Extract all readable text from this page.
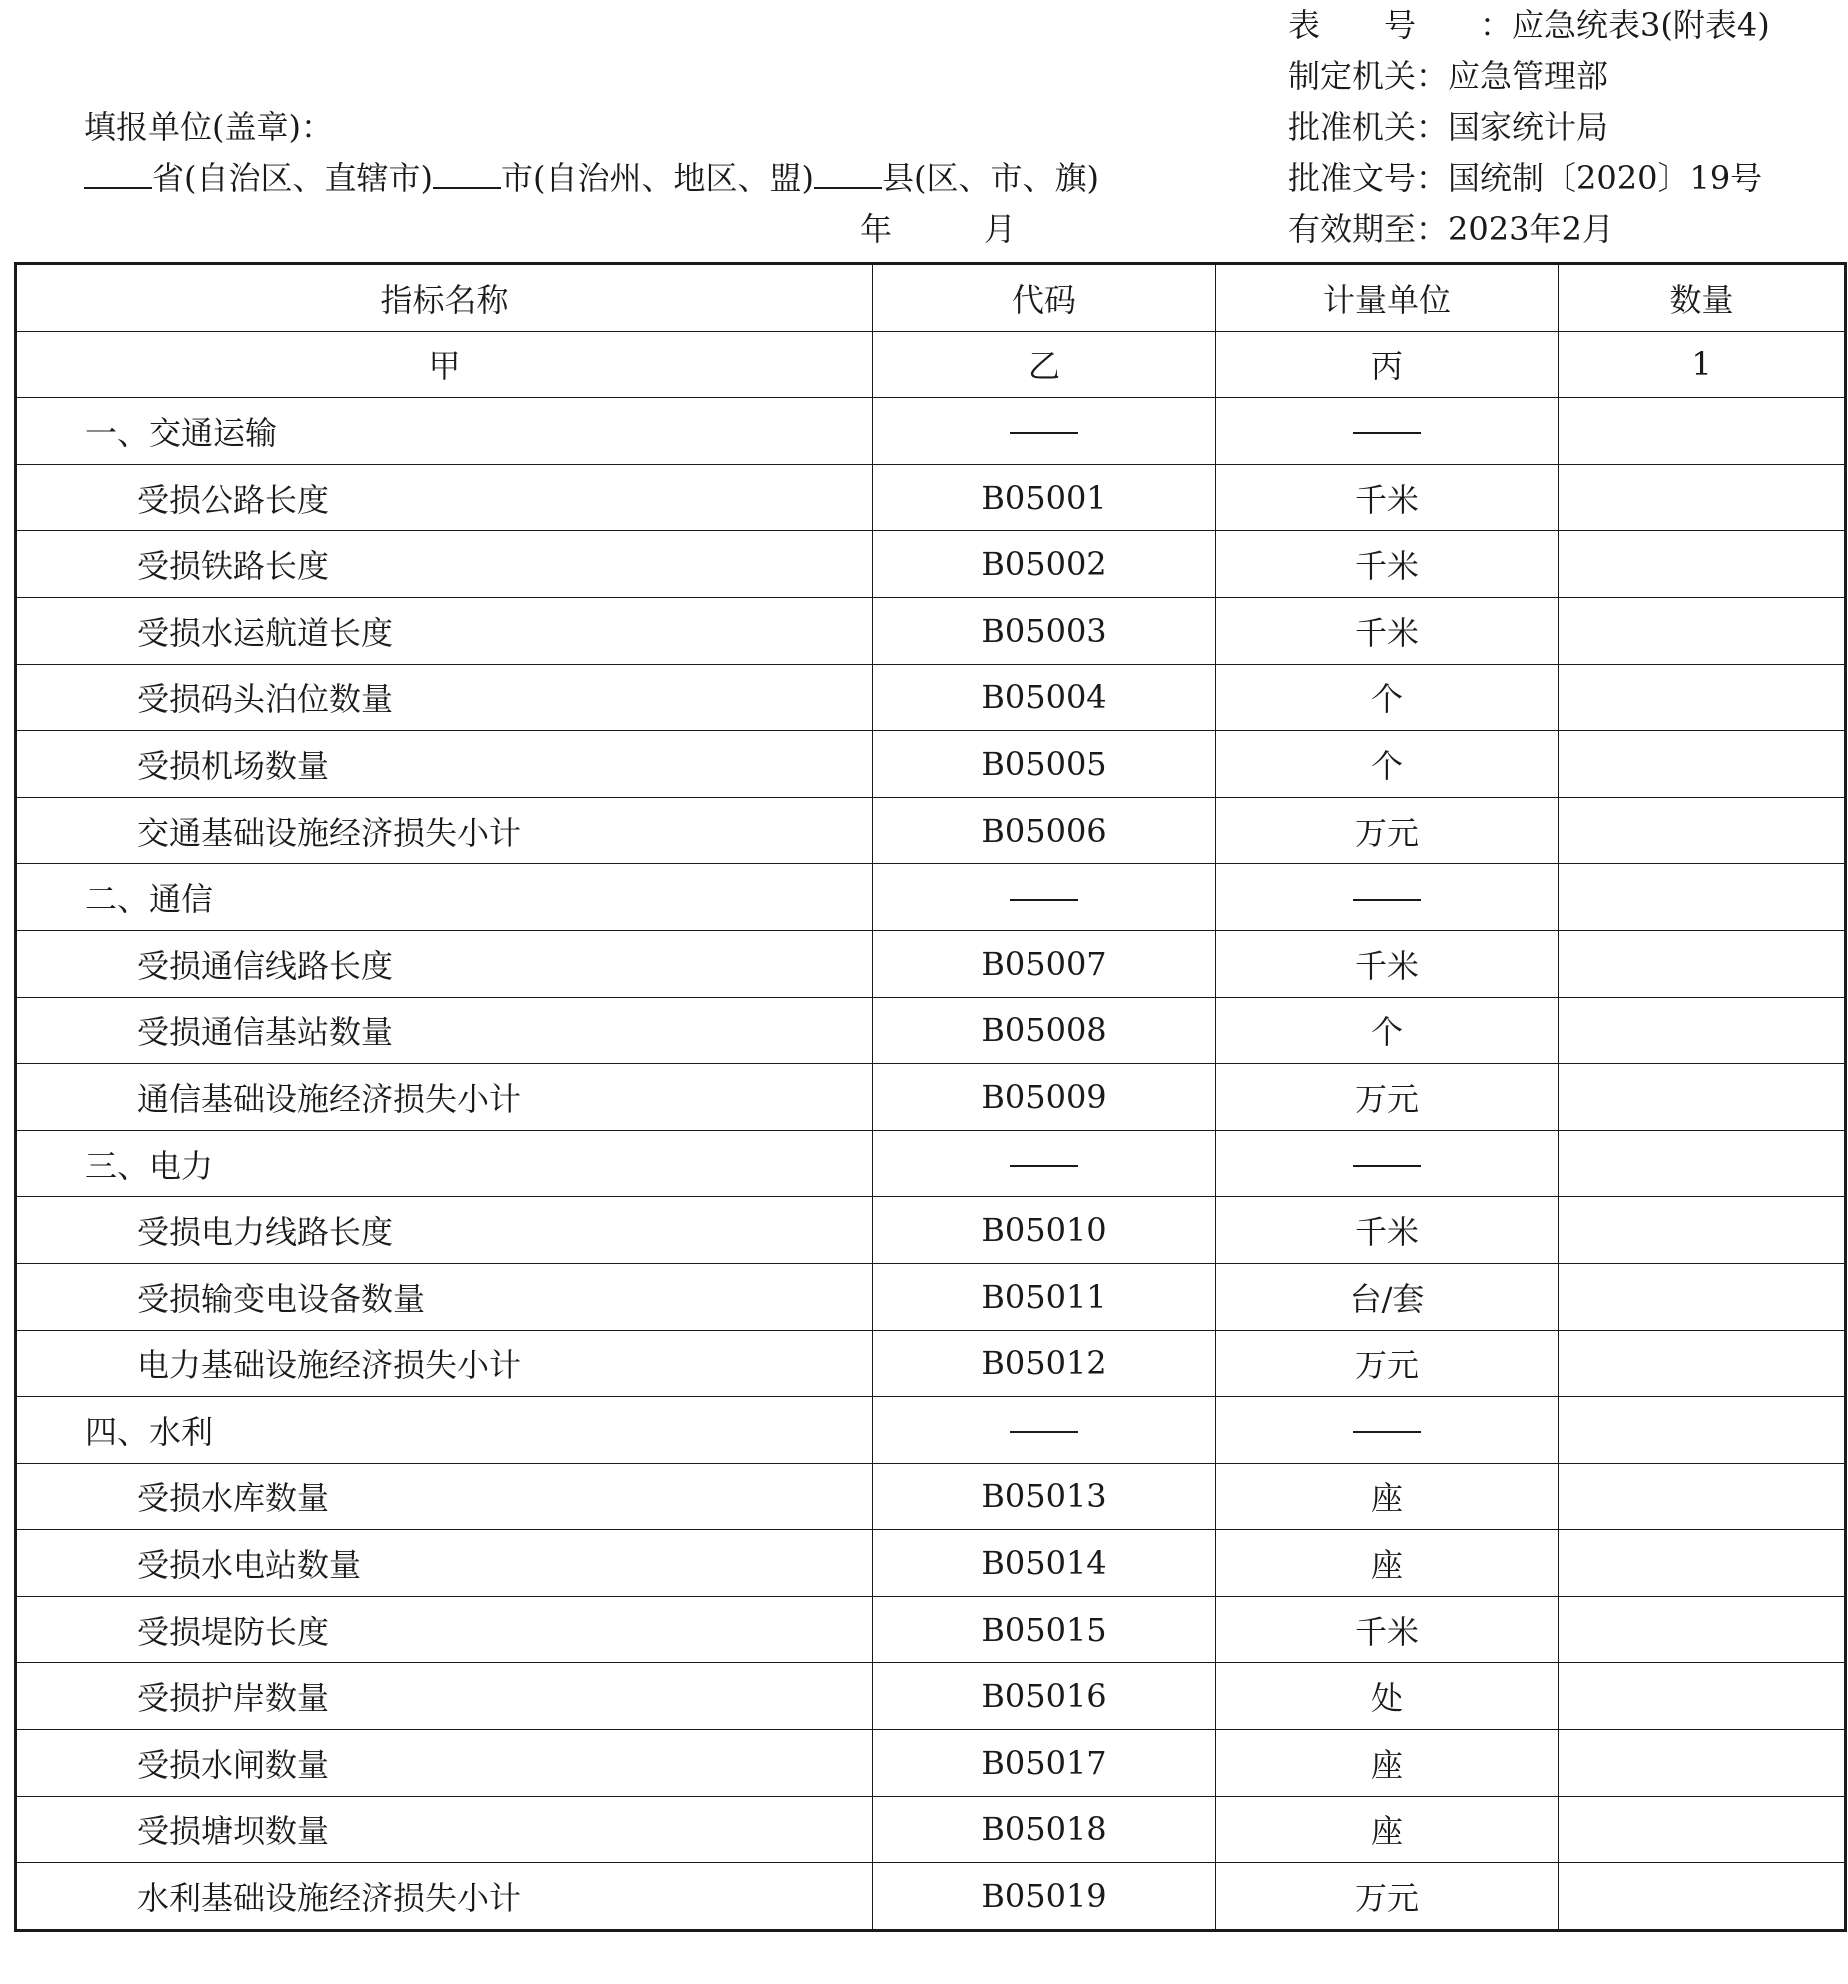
表号：应急统表3(附表4)
制定机关：应急管理部
批准机关：国家统计局
批准文号：国统制〔2020〕19号
有效期至：2023年2月
填报单位(盖章)：
省(自治区、直辖市) 市(自治州、地区、盟) 县(区、市、旗)
年	月
指标名称	代码	计量单位	数量
甲	乙	丙	1
一、交通运输			
受损公路长度	B05001	千米	
受损铁路长度	B05002	千米	
受损水运航道长度	B05003	千米	
受损码头泊位数量	B05004	个	
受损机场数量	B05005	个	
交通基础设施经济损失小计	B05006	万元	
二、通信			
受损通信线路长度	B05007	千米	
受损通信基站数量	B05008	个	
通信基础设施经济损失小计	B05009	万元	
三、电力			
受损电力线路长度	B05010	千米	
受损输变电设备数量	B05011	台/套	
电力基础设施经济损失小计	B05012	万元	
四、水利			
受损水库数量	B05013	座	
受损水电站数量	B05014	座	
受损堤防长度	B05015	千米	
受损护岸数量	B05016	处	
受损水闸数量	B05017	座	
受损塘坝数量	B05018	座	
水利基础设施经济损失小计	B05019	万元	
